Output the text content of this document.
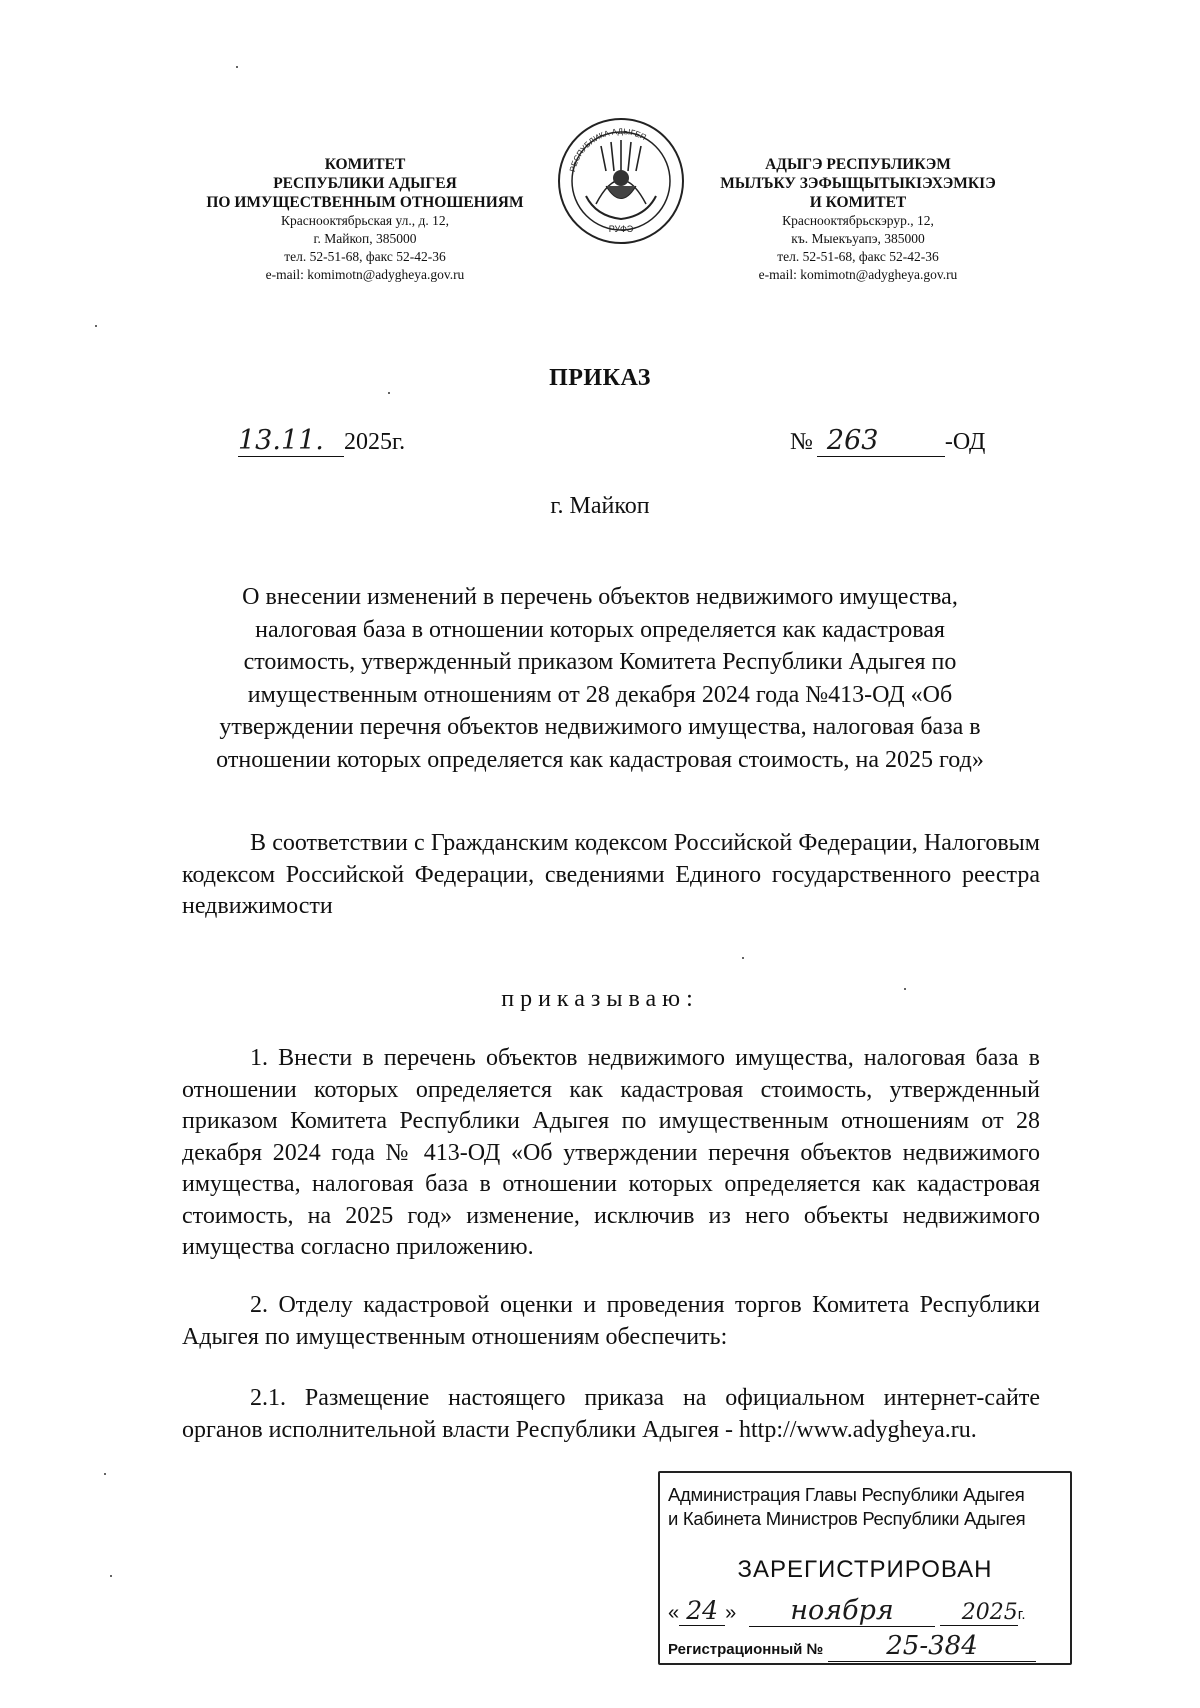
КОМИТЕТ
РЕСПУБЛИКИ АДЫГЕЯ
ПО ИМУЩЕСТВЕННЫМ ОТНОШЕНИЯМ
Краснооктябрьская ул., д. 12,
г. Майкоп, 385000
тел. 52-51-68, факс 52-42-36
e-mail: komimotn@adygheya.gov.ru
РЕСПУБЛИКА АДЫГЕЯ
РУФЭ
АДЫГЭ РЕСПУБЛИКЭМ
МЫЛЪКУ ЗЭФЫЩЫТЫКIЭХЭМКIЭ
И КОМИТЕТ
Краснооктябрьскэрур., 12,
къ. Мыекъуапэ, 385000
тел. 52-51-68, факс 52-42-36
e-mail: komimotn@adygheya.gov.ru
ПРИКАЗ
13.11. 2025г.	№ 263	-ОД
г. Майкоп
О внесении изменений в перечень объектов недвижимого имущества,
налоговая база в отношении которых определяется как кадастровая
стоимость, утвержденный приказом Комитета Республики Адыгея по
имущественным отношениям от 28 декабря 2024 года №413-ОД «Об
утверждении перечня объектов недвижимого имущества, налоговая база в
отношении которых определяется как кадастровая стоимость, на 2025 год»

В соответствии с Гражданским кодексом Российской Федерации, Налоговым кодексом Российской Федерации, сведениями Единого государственного реестра недвижимости

приказываю:

1. Внести в перечень объектов недвижимого имущества, налоговая база в отношении которых определяется как кадастровая стоимость, утвержденный приказом Комитета Республики Адыгея по имущественным отношениям от 28 декабря 2024 года № 413-ОД «Об утверждении перечня объектов недвижимого имущества, налоговая база в отношении которых определяется как кадастровая стоимость, на 2025 год» изменение, исключив из него объекты недвижимого имущества согласно приложению.

2. Отделу кадастровой оценки и проведения торгов Комитета Республики Адыгея по имущественным отношениям обеспечить:

2.1. Размещение настоящего приказа на официальном интернет-сайте органов исполнительной власти Республики Адыгея - http://www.adygheya.ru.

Администрация Главы Республики Адыгея
и Кабинета Министров Республики Адыгея
ЗАРЕГИСТРИРОВАН
« 24 » ноября	2025г.
Регистрационный № 25-384
